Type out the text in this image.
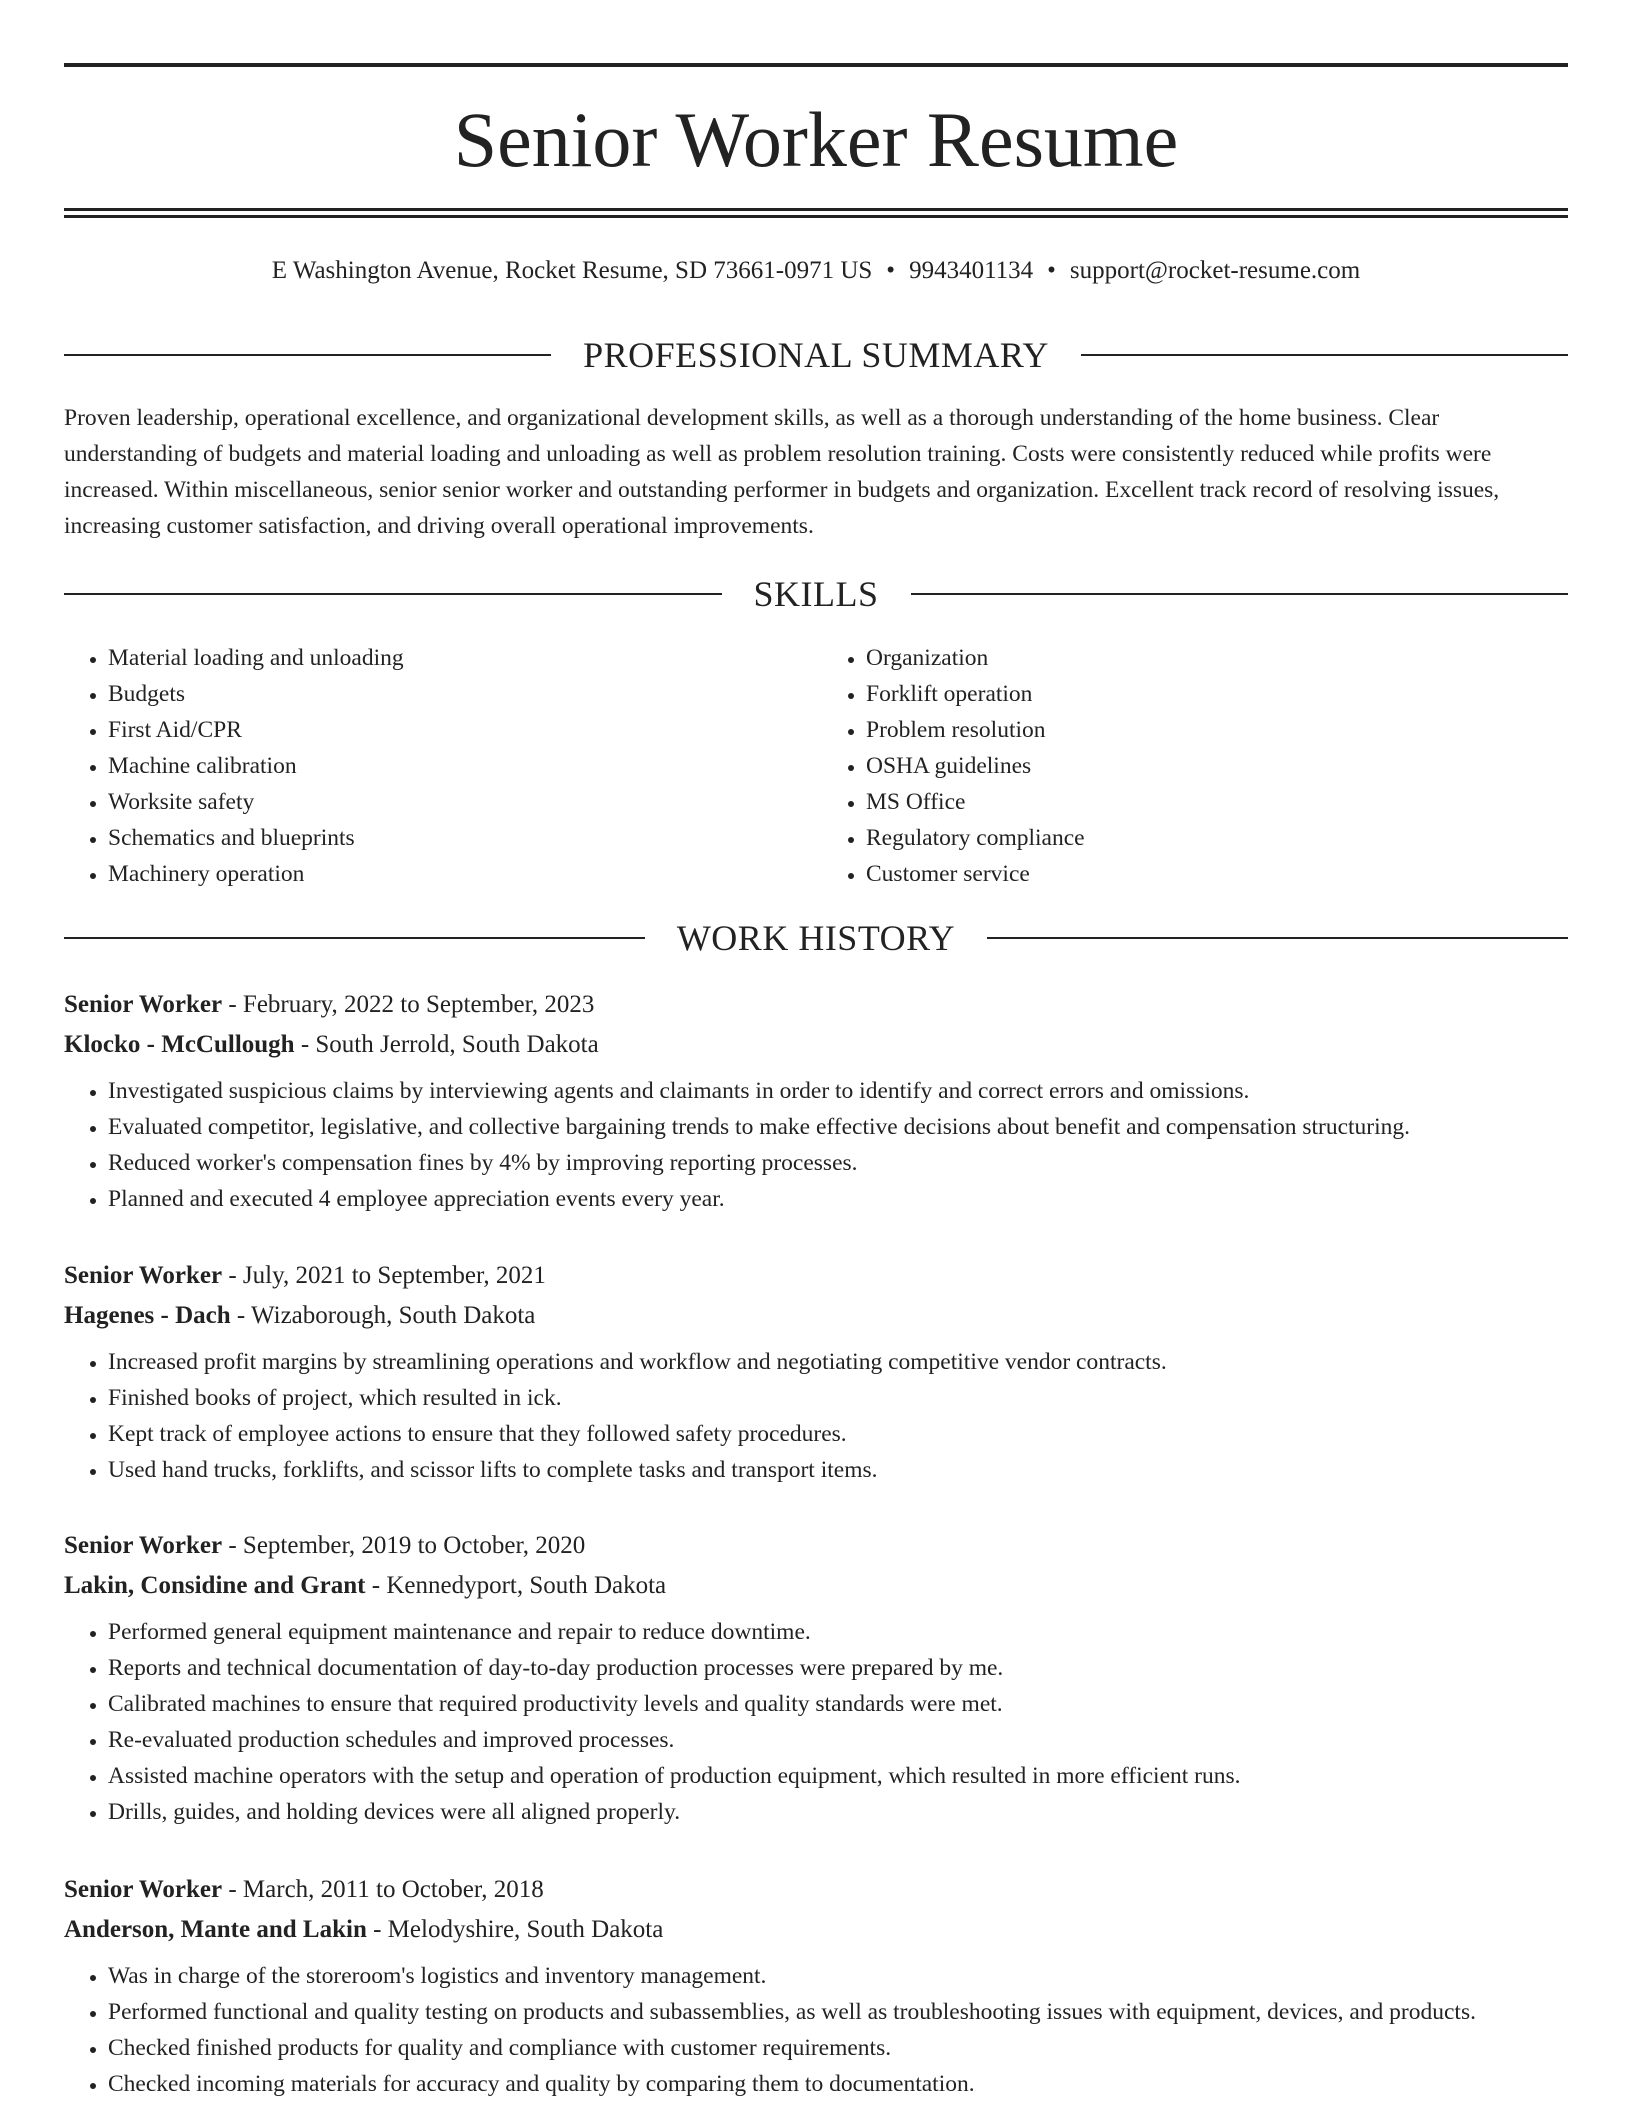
Senior Worker Resume
E Washington Avenue, Rocket Resume, SD 73661-0971 US • 9943401134 • support@rocket-resume.com
PROFESSIONAL SUMMARY

Proven leadership, operational excellence, and organizational development skills, as well as a thorough understanding of the home business. Clear understanding of budgets and material loading and unloading as well as problem resolution training. Costs were consistently reduced while profits were increased. Within miscellaneous, senior senior worker and outstanding performer in budgets and organization. Excellent track record of resolving issues, increasing customer satisfaction, and driving overall operational improvements.

SKILLS
• Material loading and unloading
• Budgets
• First Aid/CPR
• Machine calibration
• Worksite safety
• Schematics and blueprints
• Machinery operation
• Organization
• Forklift operation
• Problem resolution
• OSHA guidelines
• MS Office
• Regulatory compliance
• Customer service
WORK HISTORY

Senior Worker - February, 2022 to September, 2023

Klocko - McCullough - South Jerrold, South Dakota

• Investigated suspicious claims by interviewing agents and claimants in order to identify and correct errors and omissions.
• Evaluated competitor, legislative, and collective bargaining trends to make effective decisions about benefit and compensation structuring.
• Reduced worker's compensation fines by 4% by improving reporting processes.
• Planned and executed 4 employee appreciation events every year.

Senior Worker - July, 2021 to September, 2021

Hagenes - Dach - Wizaborough, South Dakota

• Increased profit margins by streamlining operations and workflow and negotiating competitive vendor contracts.
• Finished books of project, which resulted in ick.
• Kept track of employee actions to ensure that they followed safety procedures.
• Used hand trucks, forklifts, and scissor lifts to complete tasks and transport items.

Senior Worker - September, 2019 to October, 2020

Lakin, Considine and Grant - Kennedyport, South Dakota

• Performed general equipment maintenance and repair to reduce downtime.
• Reports and technical documentation of day-to-day production processes were prepared by me.
• Calibrated machines to ensure that required productivity levels and quality standards were met.
• Re-evaluated production schedules and improved processes.
• Assisted machine operators with the setup and operation of production equipment, which resulted in more efficient runs.
• Drills, guides, and holding devices were all aligned properly.

Senior Worker - March, 2011 to October, 2018

Anderson, Mante and Lakin - Melodyshire, South Dakota

• Was in charge of the storeroom's logistics and inventory management.
• Performed functional and quality testing on products and subassemblies, as well as troubleshooting issues with equipment, devices, and products.
• Checked finished products for quality and compliance with customer requirements.
• Checked incoming materials for accuracy and quality by comparing them to documentation.
